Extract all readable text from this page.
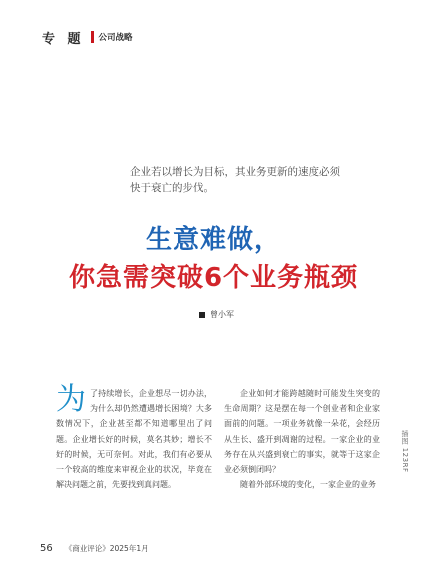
专 题 公司战略
插图 123RF
企业若以增长为目标，其业务更新的速度必须快于衰亡的步伐。
生意难做，
你急需突破6个业务瓶颈
曾小军
为 了持续增长，企业想尽一切办法，为什么却仍然遭遇增长困境？大多数情况下，企业甚至都不知道哪里出了问题。企业增长好的时候，莫名其妙；增长不好的时候，无可奈何。对此，我们有必要从一个较高的维度来审视企业的状况，毕竟在解决问题之前，先要找到真问题。

企业如何才能跨越随时可能发生突变的生命周期？这是摆在每一个创业者和企业家面前的问题。一项业务就像一朵花，会经历从生长、盛开到凋谢的过程。一家企业的业务存在从兴盛到衰亡的事实，就等于这家企业必须倒闭吗？

随着外部环境的变化，一家企业的业务

56 《商业评论》2025年1月
